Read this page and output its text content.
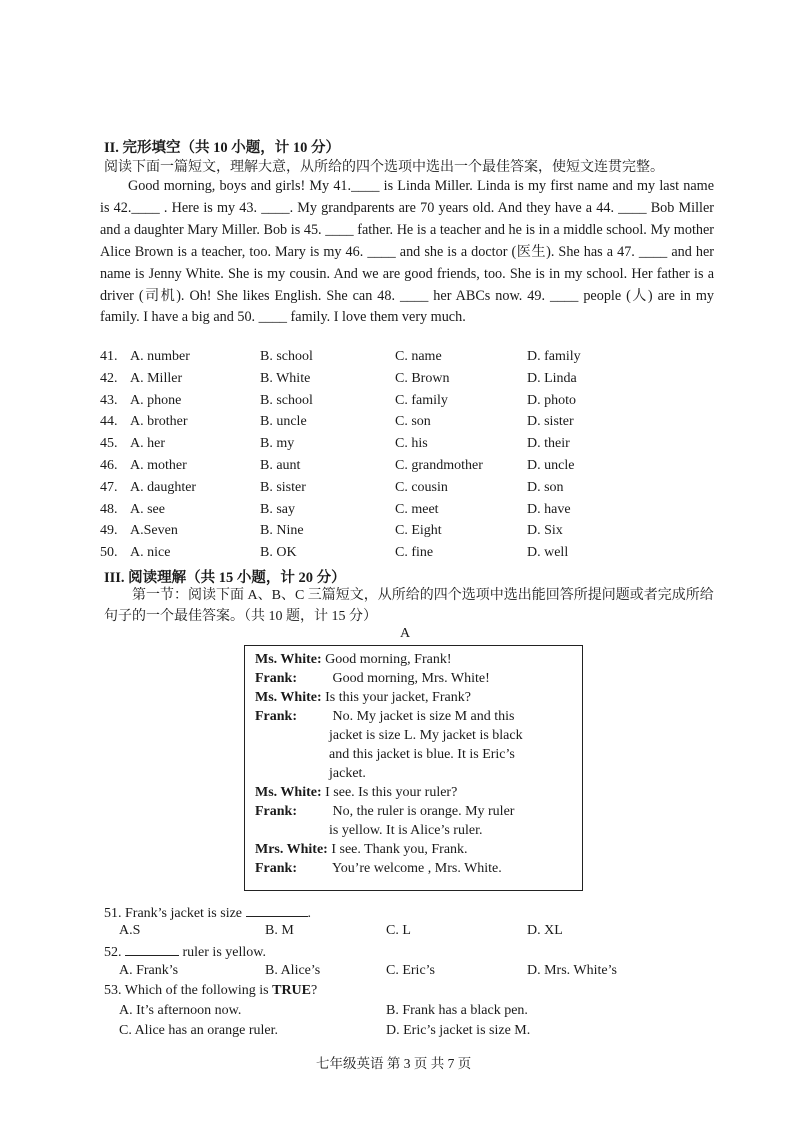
II. 完形填空（共 10 小题，计 10 分）
阅读下面一篇短文，理解大意，从所给的四个选项中选出一个最佳答案，使短文连贯完整。
Good morning, boys and girls! My 41.____ is Linda Miller. Linda is my first name and my last name is 42.____ . Here is my 43. ____. My grandparents are 70 years old. And they have a 44. ____ Bob Miller and a daughter Mary Miller. Bob is 45. ____ father. He is a teacher and he is in a middle school. My mother Alice Brown is a teacher, too. Mary is my 46. ____ and she is a doctor (医生). She has a 47. ____ and her name is Jenny White. She is my cousin. And we are good friends, too. She is in my school. Her father is a driver (司机). Oh! She likes English. She can 48. ____ her ABCs now. 49. ____ people (人) are in my family. I have a big and 50. ____ family. I love them very much.
41. A. number	B. school	C. name	D. family
42. A. Miller	B. White	C. Brown	D. Linda
43. A. phone	B. school	C. family	D. photo
44. A. brother	B. uncle	C. son	D. sister
45. A. her	B. my	C. his	D. their
46. A. mother	B. aunt	C. grandmother	D. uncle
47. A. daughter	B. sister	C. cousin	D. son
48. A. see	B. say	C. meet	D. have
49. A.Seven	B. Nine	C. Eight	D. Six
50. A. nice	B. OK	C. fine	D. well
III. 阅读理解（共 15 小题，计 20 分）
第一节：阅读下面 A、B、C 三篇短文，从所给的四个选项中选出能回答所提问题或者完成所给句子的一个最佳答案。（共 10 题，计 15 分）
A
Ms. White: Good morning, Frank!
Frank:	Good morning, Mrs. White!
Ms. White: Is this your jacket, Frank?
Frank:	No. My jacket is size M and this
jacket is size L. My jacket is black
and this jacket is blue. It is Eric’s
jacket.
Ms. White: I see. Is this your ruler?
Frank:	No, the ruler is orange. My ruler
is yellow. It is Alice’s ruler.
Mrs. White: I see. Thank you, Frank.
Frank: You’re welcome , Mrs. White.
51. Frank’s jacket is size	.
A.S	B. M	C. L	D. XL
52.	ruler is yellow.
A. Frank’s	B. Alice’s	C. Eric’s	D. Mrs. White’s
53. Which of the following is TRUE?
A. It’s afternoon now.	B. Frank has a black pen.
C. Alice has an orange ruler.	D. Eric’s jacket is size M.
七年级英语 第 3 页 共 7 页
